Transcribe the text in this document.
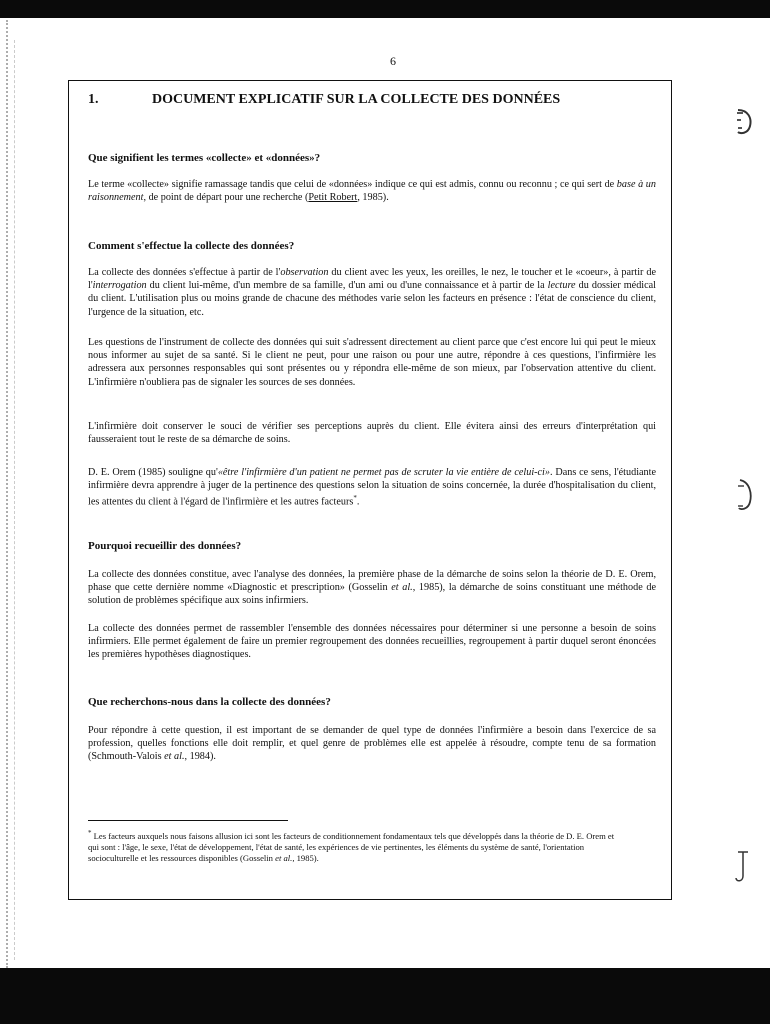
6
1.	DOCUMENT EXPLICATIF SUR LA COLLECTE DES DONNÉES
Que signifient les termes «collecte» et «données»?

Le terme «collecte» signifie ramassage tandis que celui de «données» indique ce qui est admis, connu ou reconnu ; ce qui sert de base à un raisonnement, de point de départ pour une recherche (Petit Robert, 1985).

Comment s'effectue la collecte des données?

La collecte des données s'effectue à partir de l'observation du client avec les yeux, les oreilles, le nez, le toucher et le «coeur», à partir de l'interrogation du client lui-même, d'un membre de sa famille, d'un ami ou d'une connaissance et à partir de la lecture du dossier médical du client. L'utilisation plus ou moins grande de chacune des méthodes varie selon les facteurs en présence : l'état de conscience du client, l'urgence de la situation, etc.

Les questions de l'instrument de collecte des données qui suit s'adressent directement au client parce que c'est encore lui qui peut le mieux nous informer au sujet de sa santé. Si le client ne peut, pour une raison ou pour une autre, répondre à ces questions, l'infirmière les adressera aux personnes responsables qui sont présentes ou y répondra elle-même de son mieux, par l'observation attentive du client. L'infirmière n'oubliera pas de signaler les sources de ses données.

L'infirmière doit conserver le souci de vérifier ses perceptions auprès du client. Elle évitera ainsi des erreurs d'interprétation qui fausseraient tout le reste de sa démarche de soins.

D. E. Orem (1985) souligne qu'«être l'infirmière d'un patient ne permet pas de scruter la vie entière de celui-ci». Dans ce sens, l'étudiante infirmière devra apprendre à juger de la pertinence des questions selon la situation de soins concernée, la durée d'hospitalisation du client, les attentes du client à l'égard de l'infirmière et les autres facteurs*.

Pourquoi recueillir des données?

La collecte des données constitue, avec l'analyse des données, la première phase de la démarche de soins selon la théorie de D. E. Orem, phase que cette dernière nomme «Diagnostic et prescription» (Gosselin et al., 1985), la démarche de soins constituant une méthode de solution de problèmes spécifique aux soins infirmiers.

La collecte des données permet de rassembler l'ensemble des données nécessaires pour déterminer si une personne a besoin de soins infirmiers. Elle permet également de faire un premier regroupement des données recueillies, regroupement à partir duquel seront énoncées les premières hypothèses diagnostiques.

Que recherchons-nous dans la collecte des données?

Pour répondre à cette question, il est important de se demander de quel type de données l'infirmière a besoin dans l'exercice de sa profession, quelles fonctions elle doit remplir, et quel genre de problèmes elle est appelée à résoudre, compte tenu de sa formation (Schmouth-Valois et al., 1984).

* Les facteurs auxquels nous faisons allusion ici sont les facteurs de conditionnement fondamentaux tels que développés dans la théorie de D. E. Orem et qui sont : l'âge, le sexe, l'état de développement, l'état de santé, les expériences de vie pertinentes, les éléments du système de santé, l'orientation socioculturelle et les ressources disponibles (Gosselin et al., 1985).
